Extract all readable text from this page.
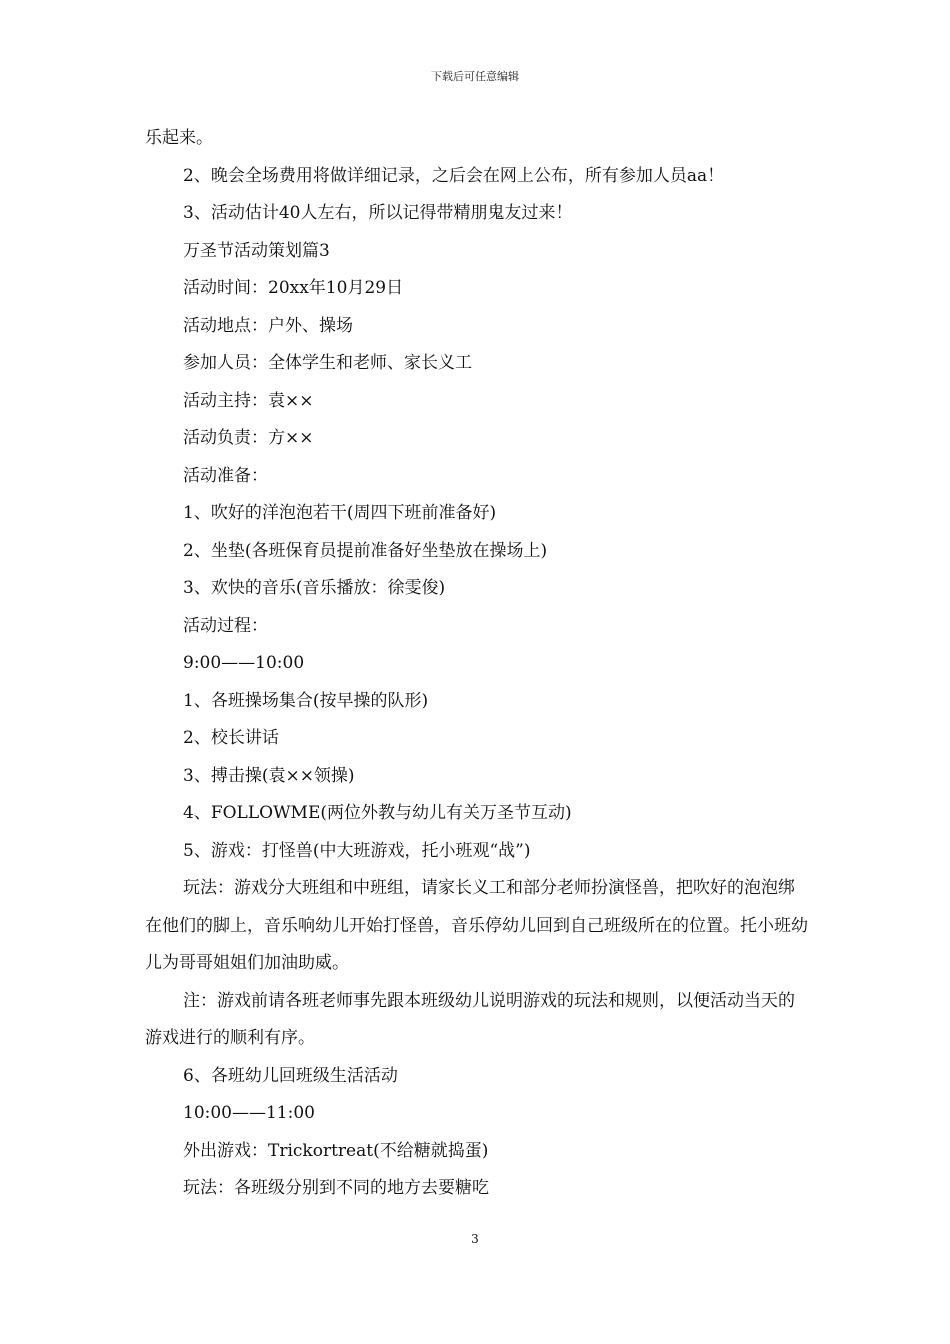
下载后可任意编辑
乐起来。
2、晚会全场费用将做详细记录，之后会在网上公布，所有参加人员aa！
3、活动估计40人左右，所以记得带精朋鬼友过来！
万圣节活动策划篇3
活动时间：20xx年10月29日
活动地点：户外、操场
参加人员：全体学生和老师、家长义工
活动主持：袁××
活动负责：方××
活动准备：
1、吹好的洋泡泡若干(周四下班前准备好)
2、坐垫(各班保育员提前准备好坐垫放在操场上)
3、欢快的音乐(音乐播放：徐雯俊)
活动过程：
9:00——10:00
1、各班操场集合(按早操的队形)
2、校长讲话
3、搏击操(袁××领操)
4、FOLLOWME(两位外教与幼儿有关万圣节互动)
5、游戏：打怪兽(中大班游戏，托小班观“战”)

玩法：游戏分大班组和中班组，请家长义工和部分老师扮演怪兽，把吹好的泡泡绑在他们的脚上，音乐响幼儿开始打怪兽，音乐停幼儿回到自己班级所在的位置。托小班幼儿为哥哥姐姐们加油助威。

注：游戏前请各班老师事先跟本班级幼儿说明游戏的玩法和规则，以便活动当天的游戏进行的顺利有序。

6、各班幼儿回班级生活活动
10:00——11:00
外出游戏：Trickortreat(不给糖就捣蛋)
玩法：各班级分别到不同的地方去要糖吃
3
